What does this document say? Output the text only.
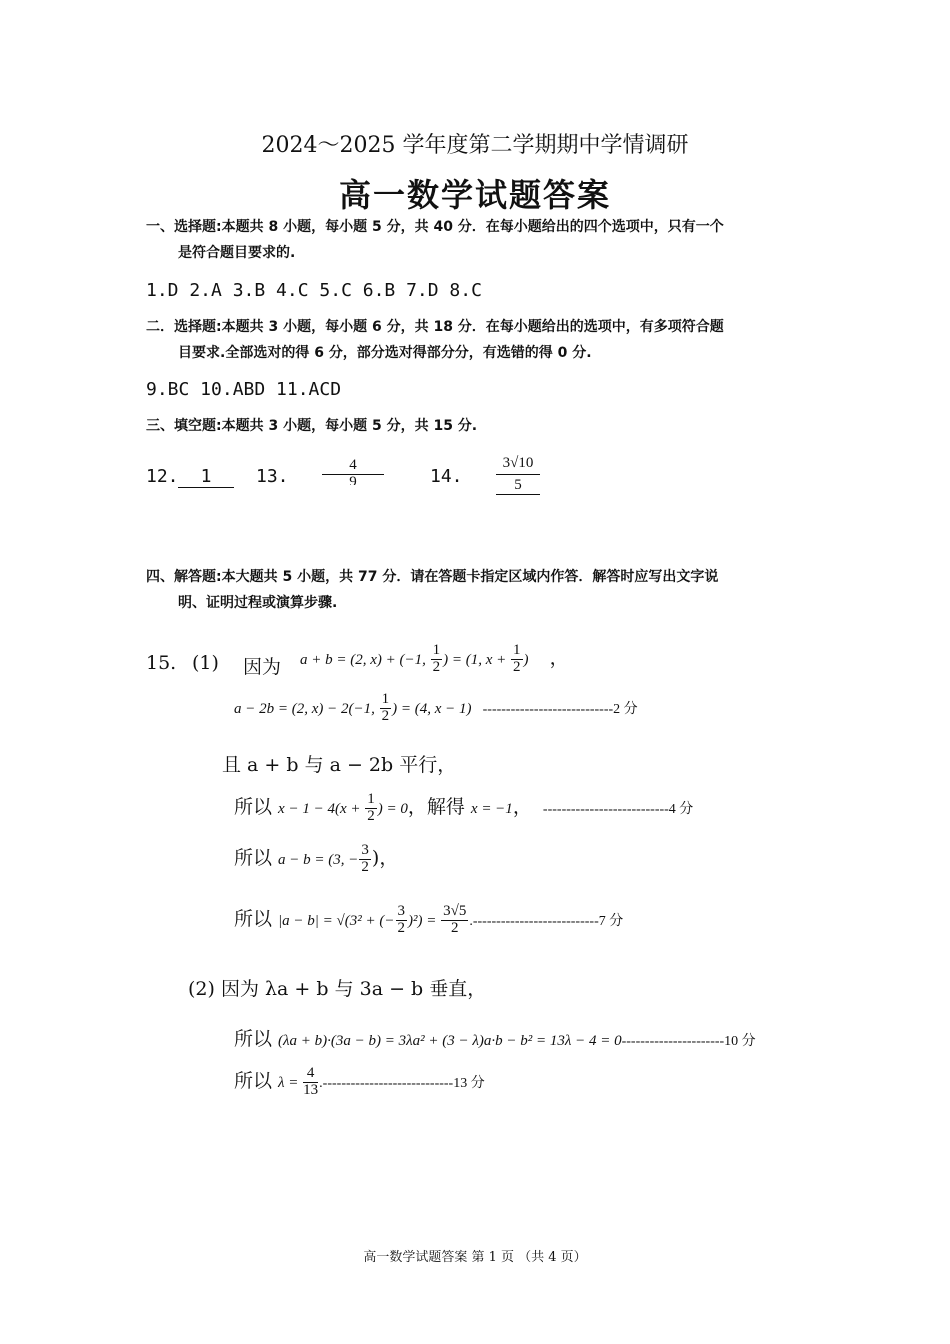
2024～2025 学年度第二学期期中学情调研
高一数学试题答案
一、选择题:本题共 8 小题，每小题 5 分，共 40 分．在每小题给出的四个选项中，只有一个
是符合题目要求的.
1.D 2.A 3.B 4.C 5.C 6.B 7.D 8.C
二．选择题:本题共 3 小题，每小题 6 分，共 18 分．在每小题给出的选项中，有多项符合题
目要求.全部选对的得 6 分，部分选对得部分分，有选错的得 0 分.
9.BC 10.ABD 11.ACD
三、填空题:本题共 3 小题，每小题 5 分，共 15 分.
12.	1	13. $\frac{4}{9}$	14. $\frac{3√10}{5}$
四、解答题:本大题共 5 小题，共 77 分．请在答题卡指定区域内作答．解答时应写出文字说
明、证明过程或演算步骤.
15. (1) 因为 a + b = (2, x) + (−1, $\frac{1}{2}$ ) = (1, $x + \frac{1}{2}$ ) ，
a − 2b = (2, x) − 2(−1, $\frac{1}{2}$ ) = (4, x − 1) ----------------------------2 分
且 a + b 与 a − 2b 平行，
所以 $x - 1 - 4(x + \frac{1}{2}$ ) = 0，解得 x = −1， ---------------------------4 分
所以 a − b = (3, − $\frac{3}{2}$ )，
所以 |a − b| = √(3² + (− $\frac{3}{2} )^2) = \frac{3√5}{2} .---------------------------7$ 分
(2) 因为 λa + b 与 3a − b 垂直，
所以 (λa + b)·(3a − b) = 3λa² + (3 − λ)a·b − b² = 13λ − 4 = 0----------------------10 分
所以 $\lambda = \frac{4}{13} .----------------------------13$ 分
高一数学试题答案 第 1 页 （共 4 页）
